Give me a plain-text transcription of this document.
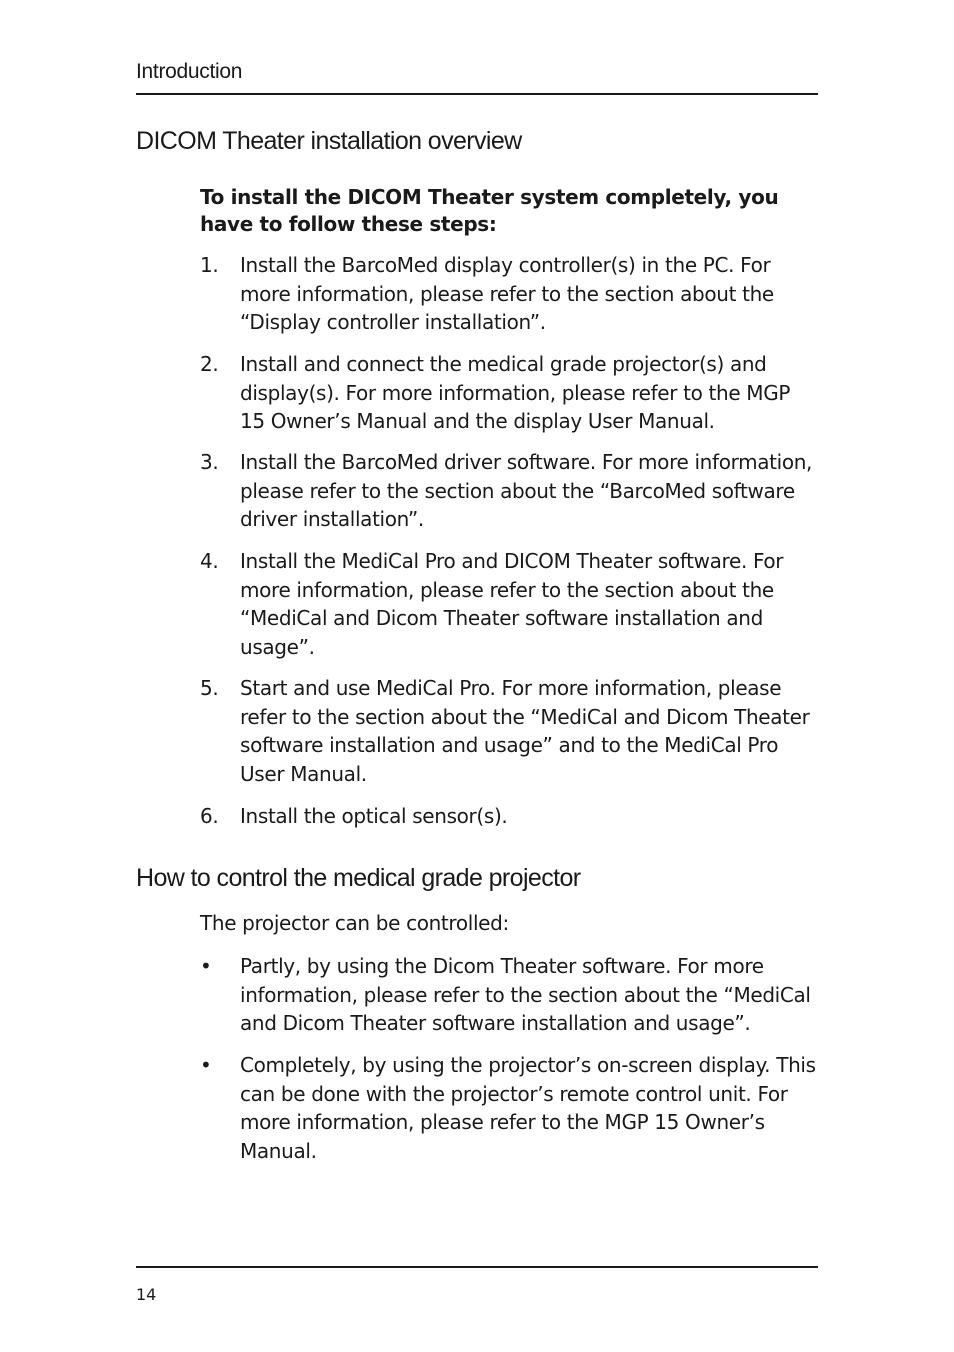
Introduction
DICOM Theater installation overview
To install the DICOM Theater system completely, you have to follow these steps:
1. Install the BarcoMed display controller(s) in the PC. For more information, please refer to the section about the “Display controller installation”.
2. Install and connect the medical grade projector(s) and display(s). For more information, please refer to the MGP 15 Owner’s Manual and the display User Manual.
3. Install the BarcoMed driver software. For more information, please refer to the section about the “BarcoMed software driver installation”.
4. Install the MediCal Pro and DICOM Theater software. For more information, please refer to the section about the “MediCal and Dicom Theater software installation and usage”.
5. Start and use MediCal Pro. For more information, please refer to the section about the “MediCal and Dicom Theater software installation and usage” and to the MediCal Pro User Manual.
6. Install the optical sensor(s).
How to control the medical grade projector
The projector can be controlled:
• Partly, by using the Dicom Theater software. For more information, please refer to the section about the “MediCal and Dicom Theater software installation and usage”.
• Completely, by using the projector’s on-screen display. This can be done with the projector’s remote control unit. For more information, please refer to the MGP 15 Owner’s Manual.
14
